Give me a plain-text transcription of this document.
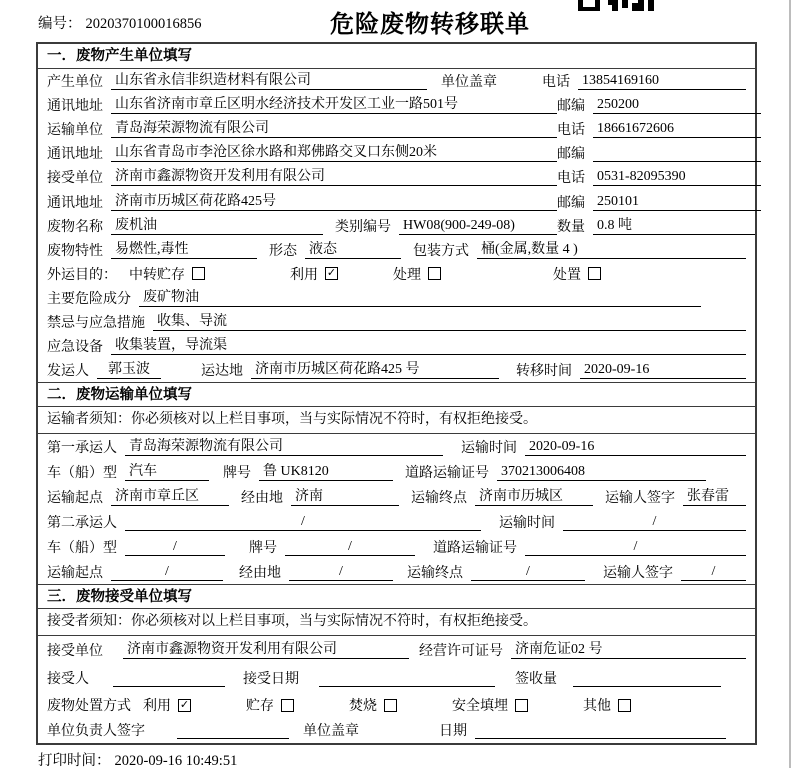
编号： 2020370100016856	危险废物转移联单
一．废物产生单位填写
产生单位 山东省永信非织造材料有限公司	单位盖章	电话 13854169160
通讯地址 山东省济南市章丘区明水经济技术开发区工业一路501号	邮编 250200
运输单位 青岛海荣源物流有限公司	电话 18661672606
通讯地址 山东省青岛市李沧区徐水路和郑佛路交叉口东侧20米	邮编
接受单位 济南市鑫源物资开发利用有限公司	电话 0531-82095390
通讯地址 济南市历城区荷花路425号	邮编 250101
废物名称 废机油	类别编号 HW08(900-249-08)	数量 0.8 吨
废物特性 易燃性,毒性	形态 液态	包装方式 桶(金属,数量 4 )
外运目的： 中转贮存	利用 ✓	处理	处置
主要危险成分 废矿物油
禁忌与应急措施 收集、导流
应急设备 收集装置，导流渠
发运人	郭玉波	运达地 济南市历城区荷花路425 号	转移时间 2020-09-16
二．废物运输单位填写
运输者须知：你必须核对以上栏目事项，当与实际情况不符时，有权拒绝接受。
第一承运人 青岛海荣源物流有限公司	运输时间 2020-09-16
车（船）型 汽车	牌号 鲁 UK8120	道路运输证号 370213006408
运输起点 济南市章丘区	经由地 济南	运输终点 济南市历城区	运输人签字 张春雷
第二承运人	/	运输时间	/
车（船）型	/	牌号	/	道路运输证号	/
运输起点	/	经由地	/	运输终点	/	运输人签字	/
三．废物接受单位填写
接受者须知：你必须核对以上栏目事项，当与实际情况不符时，有权拒绝接受。
接受单位 济南市鑫源物资开发利用有限公司	经营许可证号 济南危证02 号
接受人	接受日期	签收量
废物处置方式 利用 ✓	贮存	焚烧	安全填埋	其他
单位负责人签字	单位盖章	日期
打印时间： 2020-09-16 10:49:51
